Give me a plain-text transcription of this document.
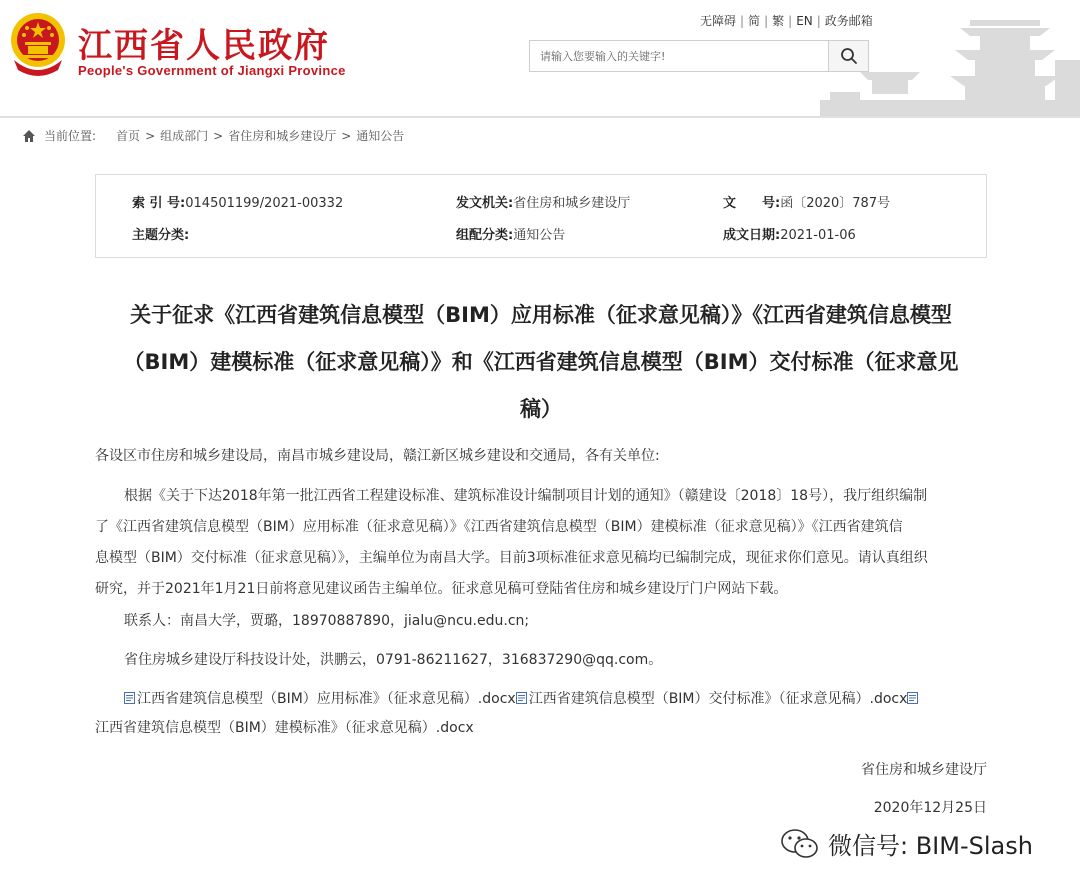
江西省人民政府
People's Government of Jiangxi Province
无障碍 | 简 | 繁 | EN | 政务邮箱
请输入您要输入的关键字!
当前位置: 首页 > 组成部门 > 省住房和城乡建设厅 > 通知公告
索 引 号:014501199/2021-00332	发文机关:省住房和城乡建设厅	文　　号:函〔2020〕787号
主题分类:	组配分类:通知公告	成文日期:2021-01-06
关于征求《江西省建筑信息模型（BIM）应用标准（征求意见稿）》《江西省建筑信息模型
（BIM）建模标准（征求意见稿）》和《江西省建筑信息模型（BIM）交付标准（征求意见
稿）
各设区市住房和城乡建设局，南昌市城乡建设局，赣江新区城乡建设和交通局，各有关单位:
根据《关于下达2018年第一批江西省工程建设标准、建筑标准设计编制项目计划的通知》（赣建设〔2018〕18号），我厅组织编制
了《江西省建筑信息模型（BIM）应用标准（征求意见稿）》《江西省建筑信息模型（BIM）建模标准（征求意见稿）》《江西省建筑信
息模型（BIM）交付标准（征求意见稿）》，主编单位为南昌大学。目前3项标准征求意见稿均已编制完成，现征求你们意见。请认真组织
研究，并于2021年1月21日前将意见建议函告主编单位。征求意见稿可登陆省住房和城乡建设厅门户网站下载。
联系人：南昌大学，贾璐，18970887890，jialu@ncu.edu.cn;
省住房城乡建设厅科技设计处，洪鹏云，0791-86211627，316837290@qq.com。
江西省建筑信息模型（BIM）应用标准》（征求意见稿）.docx 江西省建筑信息模型（BIM）交付标准》（征求意见稿）.docx
江西省建筑信息模型（BIM）建模标准》（征求意见稿）.docx
省住房和城乡建设厅
2020年12月25日
微信号: BIM-Slash
